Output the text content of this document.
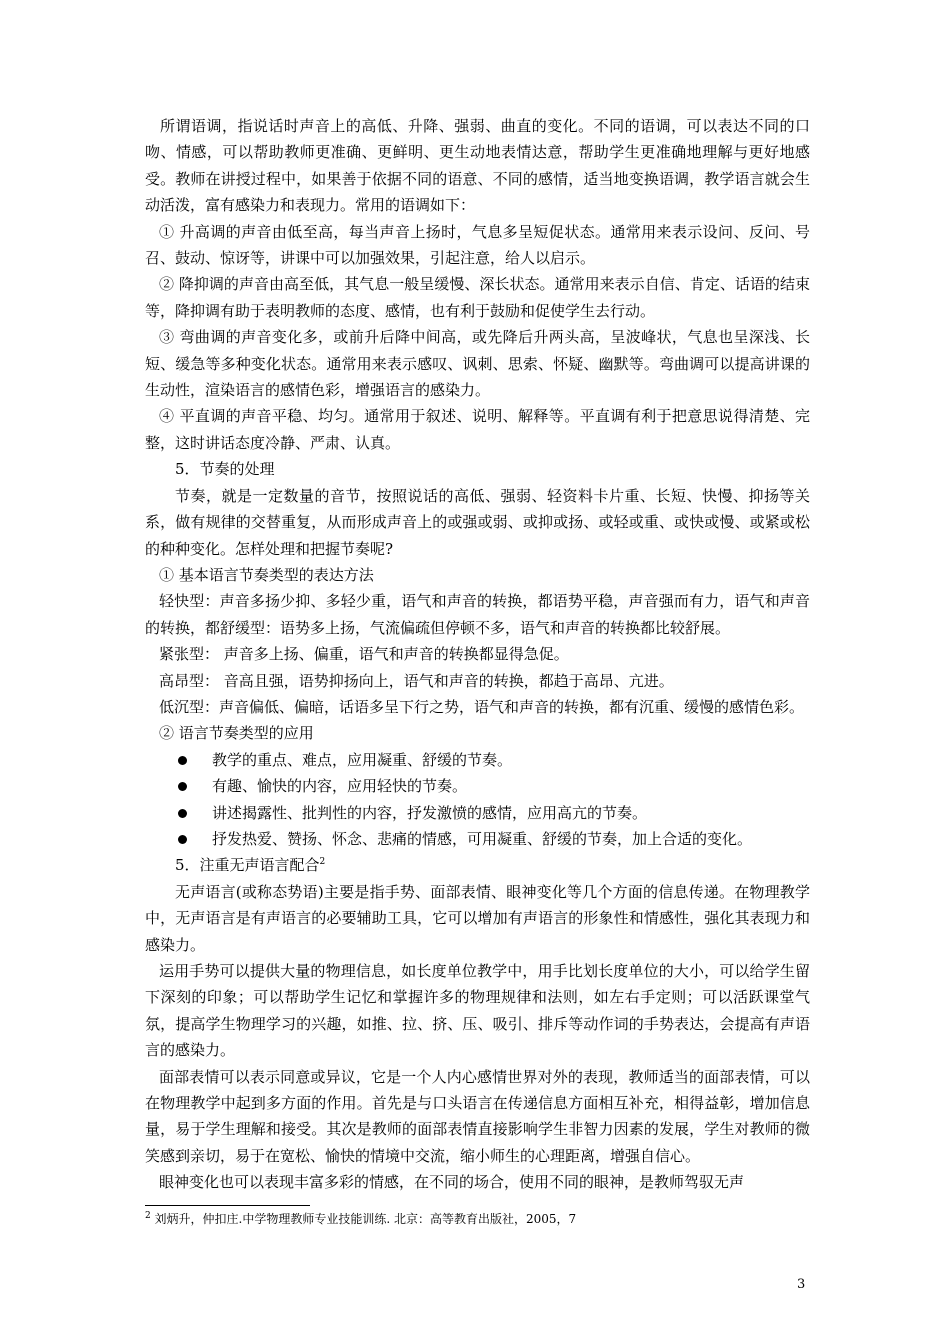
所谓语调，指说话时声音上的高低、升降、强弱、曲直的变化。不同的语调，可以表达不同的口吻、情感，可以帮助教师更准确、更鲜明、更生动地表情达意，帮助学生更准确地理解与更好地感受。教师在讲授过程中，如果善于依据不同的语意、不同的感情，适当地变换语调，教学语言就会生动活泼，富有感染力和表现力。常用的语调如下：

① 升高调的声音由低至高，每当声音上扬时，气息多呈短促状态。通常用来表示设问、反问、号召、鼓动、惊讶等，讲课中可以加强效果，引起注意，给人以启示。

② 降抑调的声音由高至低，其气息一般呈缓慢、深长状态。通常用来表示自信、肯定、话语的结束等，降抑调有助于表明教师的态度、感情，也有利于鼓励和促使学生去行动。

③ 弯曲调的声音变化多，或前升后降中间高，或先降后升两头高，呈波峰状，气息也呈深浅、长短、缓急等多种变化状态。通常用来表示感叹、讽刺、思索、怀疑、幽默等。弯曲调可以提高讲课的生动性，渲染语言的感情色彩，增强语言的感染力。

④ 平直调的声音平稳、均匀。通常用于叙述、说明、解释等。平直调有利于把意思说得清楚、完整，这时讲话态度冷静、严肃、认真。

5．节奏的处理

节奏，就是一定数量的音节，按照说话的高低、强弱、轻资料卡片重、长短、快慢、抑扬等关系，做有规律的交替重复，从而形成声音上的或强或弱、或抑或扬、或轻或重、或快或慢、或紧或松的种种变化。怎样处理和把握节奏呢?

① 基本语言节奏类型的表达方法

轻快型：声音多扬少抑、多轻少重，语气和声音的转换，都语势平稳，声音强而有力，语气和声音的转换，都舒缓型：语势多上扬，气流偏疏但停顿不多，语气和声音的转换都比较舒展。

紧张型： 声音多上扬、偏重，语气和声音的转换都显得急促。

高昂型： 音高且强，语势抑扬向上，语气和声音的转换，都趋于高昂、亢进。

低沉型：声音偏低、偏暗，话语多呈下行之势，语气和声音的转换，都有沉重、缓慢的感情色彩。

② 语言节奏类型的应用

教学的重点、难点，应用凝重、舒缓的节奏。
有趣、愉快的内容，应用轻快的节奏。
讲述揭露性、批判性的内容，抒发激愤的感情，应用高亢的节奏。
抒发热爱、赞扬、怀念、悲痛的情感，可用凝重、舒缓的节奏，加上合适的变化。

5．注重无声语言配合$^2$

无声语言(或称态势语)主要是指手势、面部表情、眼神变化等几个方面的信息传递。在物理教学中，无声语言是有声语言的必要辅助工具，它可以增加有声语言的形象性和情感性，强化其表现力和感染力。

运用手势可以提供大量的物理信息，如长度单位教学中，用手比划长度单位的大小，可以给学生留下深刻的印象；可以帮助学生记忆和掌握许多的物理规律和法则，如左右手定则；可以活跃课堂气氛，提高学生物理学习的兴趣，如推、拉、挤、压、吸引、排斥等动作词的手势表达，会提高有声语言的感染力。

面部表情可以表示同意或异议，它是一个人内心感情世界对外的表现，教师适当的面部表情，可以在物理教学中起到多方面的作用。首先是与口头语言在传递信息方面相互补充，相得益彰，增加信息量，易于学生理解和接受。其次是教师的面部表情直接影响学生非智力因素的发展，学生对教师的微笑感到亲切，易于在宽松、愉快的情境中交流，缩小师生的心理距离，增强自信心。

眼神变化也可以表现丰富多彩的情感，在不同的场合，使用不同的眼神，是教师驾驭无声

$^2$ 刘炳升，仲扣庄.中学物理教师专业技能训练. 北京：高等教育出版社，2005，7
3
